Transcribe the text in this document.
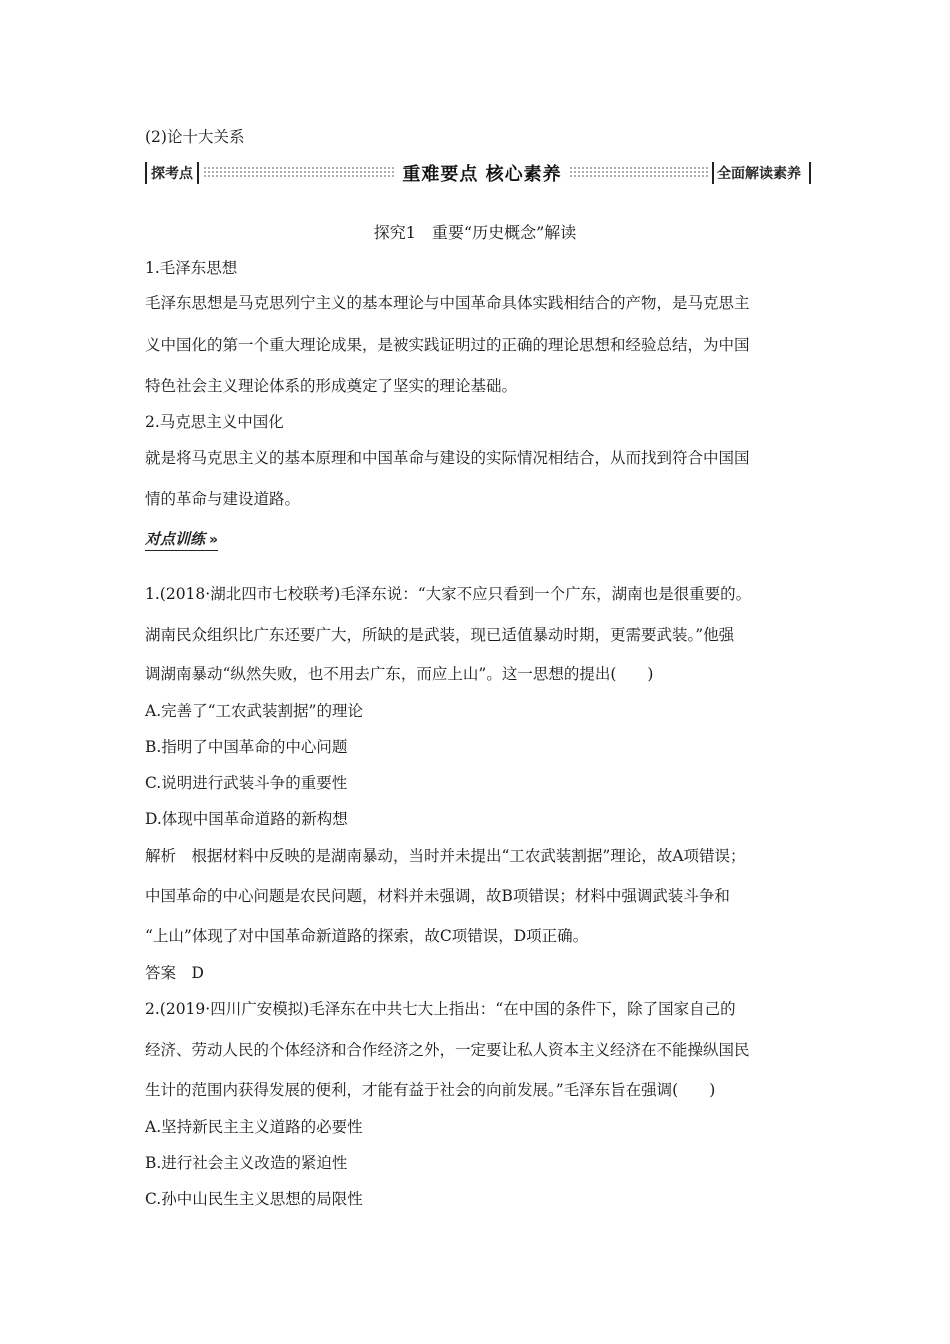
(2)论十大关系
探考点	重难要点 核心素养	全面解读素养
探究1　重要“历史概念”解读
1.毛泽东思想
毛泽东思想是马克思列宁主义的基本理论与中国革命具体实践相结合的产物，是马克思主
义中国化的第一个重大理论成果，是被实践证明过的正确的理论思想和经验总结，为中国
特色社会主义理论体系的形成奠定了坚实的理论基础。
2.马克思主义中国化
就是将马克思主义的基本原理和中国革命与建设的实际情况相结合，从而找到符合中国国
情的革命与建设道路。
对点训练 »
1.(2018·湖北四市七校联考)毛泽东说：“大家不应只看到一个广东，湖南也是很重要的。
湖南民众组织比广东还要广大，所缺的是武装，现已适值暴动时期，更需要武装。”他强
调湖南暴动“纵然失败，也不用去广东，而应上山”。这一思想的提出(　　)
A.完善了“工农武装割据”的理论
B.指明了中国革命的中心问题
C.说明进行武装斗争的重要性
D.体现中国革命道路的新构想
解析　根据材料中反映的是湖南暴动，当时并未提出“工农武装割据”理论，故A项错误；
中国革命的中心问题是农民问题，材料并未强调，故B项错误；材料中强调武装斗争和
“上山”体现了对中国革命新道路的探索，故C项错误，D项正确。
答案　D
2.(2019·四川广安模拟)毛泽东在中共七大上指出：“在中国的条件下，除了国家自己的
经济、劳动人民的个体经济和合作经济之外，一定要让私人资本主义经济在不能操纵国民
生计的范围内获得发展的便利，才能有益于社会的向前发展。”毛泽东旨在强调(　　)
A.坚持新民主主义道路的必要性
B.进行社会主义改造的紧迫性
C.孙中山民生主义思想的局限性
